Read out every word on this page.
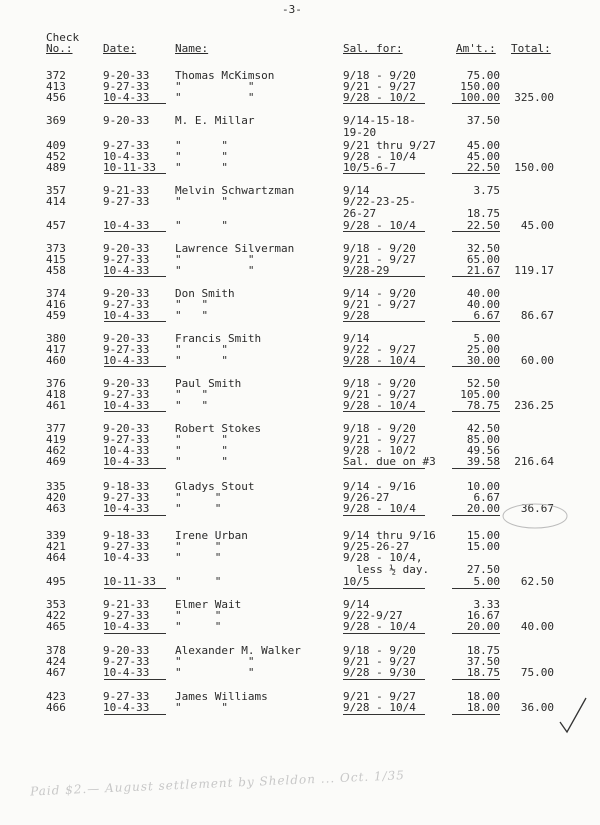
-3-
Check
No.:	Date:	Name:	Sal. for:	Am't.: Total:
372	9-20-33 Thomas McKimson	9/18 - 9/20	75.00
413	9-27-33 "          "	9/21 - 9/27	150.00
456	10-4-33 "          "	9/28 - 10/2	100.00	325.00
369	9-20-33 M. E. Millar	9/14-15-18-	37.50
19-20
409	9-27-33 "      "	9/21 thru 9/27	45.00
452	10-4-33 "      "	9/28 - 10/4	45.00
489	10-11-33 "      "	10/5-6-7	22.50	150.00
357	9-21-33 Melvin Schwartzman	9/14	3.75
414	9-27-33 "      "	9/22-23-25-
26-27	18.75
457	10-4-33 "      "	9/28 - 10/4	22.50	45.00
373	9-20-33 Lawrence Silverman	9/18 - 9/20	32.50
415	9-27-33 "          "	9/21 - 9/27	65.00
458	10-4-33 "          "	9/28-29	21.67	119.17
374	9-20-33 Don Smith	9/14 - 9/20	40.00
416	9-27-33 "   "	9/21 - 9/27	40.00
459	10-4-33 "   "	9/28	6.67	86.67
380	9-20-33 Francis Smith	9/14	5.00
417	9-27-33 "      "	9/22 - 9/27	25.00
460	10-4-33 "      "	9/28 - 10/4	30.00	60.00
376	9-20-33 Paul Smith	9/18 - 9/20	52.50
418	9-27-33 "   "	9/21 - 9/27	105.00
461	10-4-33 "   "	9/28 - 10/4	78.75	236.25
377	9-20-33 Robert Stokes	9/18 - 9/20	42.50
419	9-27-33 "      "	9/21 - 9/27	85.00
462	10-4-33 "      "	9/28 - 10/2	49.56
469	10-4-33 "      "	Sal. due on #3	39.58	216.64
335	9-18-33 Gladys Stout	9/14 - 9/16	10.00
420	9-27-33 "     "	9/26-27	6.67
463	10-4-33 "     "	9/28 - 10/4	20.00	36.67
339	9-18-33 Irene Urban	9/14 thru 9/16	15.00
421	9-27-33 "     "	9/25-26-27	15.00
464	10-4-33 "     "	9/28 - 10/4,
less ½ day.	27.50
495	10-11-33 "     "	10/5	5.00	62.50
353	9-21-33 Elmer Wait	9/14	3.33
422	9-27-33 "     "	9/22-9/27	16.67
465	10-4-33 "     "	9/28 - 10/4	20.00	40.00
378	9-20-33 Alexander M. Walker	9/18 - 9/20	18.75
424	9-27-33 "          "	9/21 - 9/27	37.50
467	10-4-33 "          "	9/28 - 9/30	18.75	75.00
423	9-27-33 James Williams	9/21 - 9/27	18.00
466	10-4-33 "      "	9/28 - 10/4	18.00	36.00
Paid $2.— August settlement by Sheldon ... Oct. 1/35
